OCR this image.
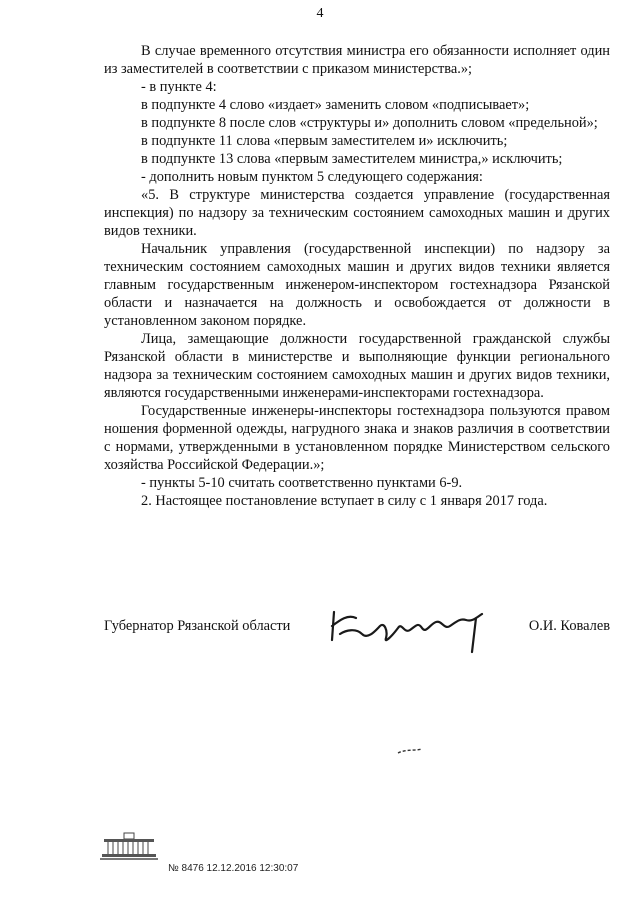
4

В случае временного отсутствия министра его обязанности исполняет один из заместителей в соответствии с приказом министерства.»;

- в пункте 4:

в подпункте 4 слово «издает» заменить словом «подписывает»;

в подпункте 8 после слов «структуры и» дополнить словом «предельной»;

в подпункте 11 слова «первым заместителем и» исключить;

в подпункте 13 слова «первым заместителем министра,» исключить;

- дополнить новым пунктом 5 следующего содержания:

«5. В структуре министерства создается управление (государственная инспекция) по надзору за техническим состоянием самоходных машин и других видов техники.

Начальник управления (государственной инспекции) по надзору за техническим состоянием самоходных машин и других видов техники является главным государственным инженером-инспектором гостехнадзора Рязанской области и назначается на должность и освобождается от должности в установленном законом порядке.

Лица, замещающие должности государственной гражданской службы Рязанской области в министерстве и выполняющие функции регионального надзора за техническим состоянием самоходных машин и других видов техники, являются государственными инженерами-инспекторами гостехнадзора.

Государственные инженеры-инспекторы гостехнадзора пользуются правом ношения форменной одежды, нагрудного знака и знаков различия в соответствии с нормами, утвержденными в установленном порядке Министерством сельского хозяйства Российской Федерации.»;

- пункты 5-10 считать соответственно пунктами 6-9.

2. Настоящее постановление вступает в силу с 1 января 2017 года.

Губернатор Рязанской области	О.И. Ковалев
№ 8476 12.12.2016 12:30:07
